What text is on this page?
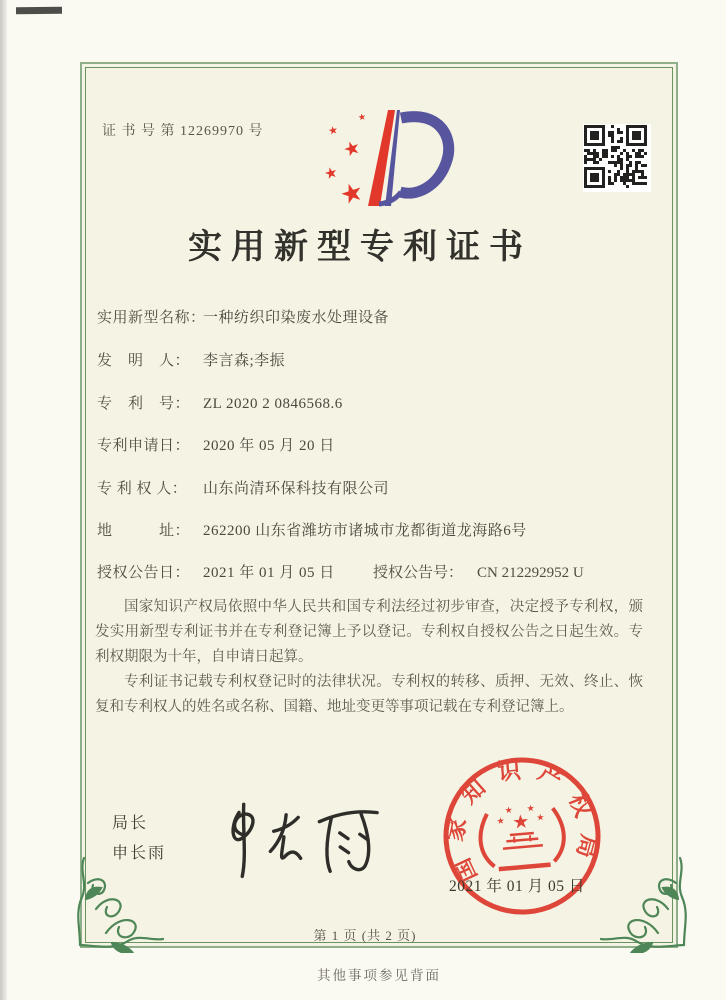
证 书 号 第 12269970 号
★
★
★
★
★
实用新型专利证书
实用新型名称：一种纺织印染废水处理设备
发　明　人： 李言森;李振
专　利　号： ZL 2020 2 0846568.6
专利申请日： 2020 年 05 月 20 日
专 利 权 人： 山东尚清环保科技有限公司
地　　　址： 262200 山东省潍坊市诸城市龙都街道龙海路6号
授权公告日： 2021 年 01 月 05 日	授权公告号： CN 212292952 U

国家知识产权局依照中华人民共和国专利法经过初步审查，决定授予专利权，颁发实用新型专利证书并在专利登记簿上予以登记。专利权自授权公告之日起生效。专利权期限为十年，自申请日起算。

专利证书记载专利权登记时的法律状况。专利权的转移、质押、无效、终止、恢复和专利权人的姓名或名称、国籍、地址变更等事项记载在专利登记簿上。

局长
申长雨	国家知识产权局
★
★
★ ★
★
2021 年 01 月 05 日
第 1 页 (共 2 页)
其他事项参见背面
